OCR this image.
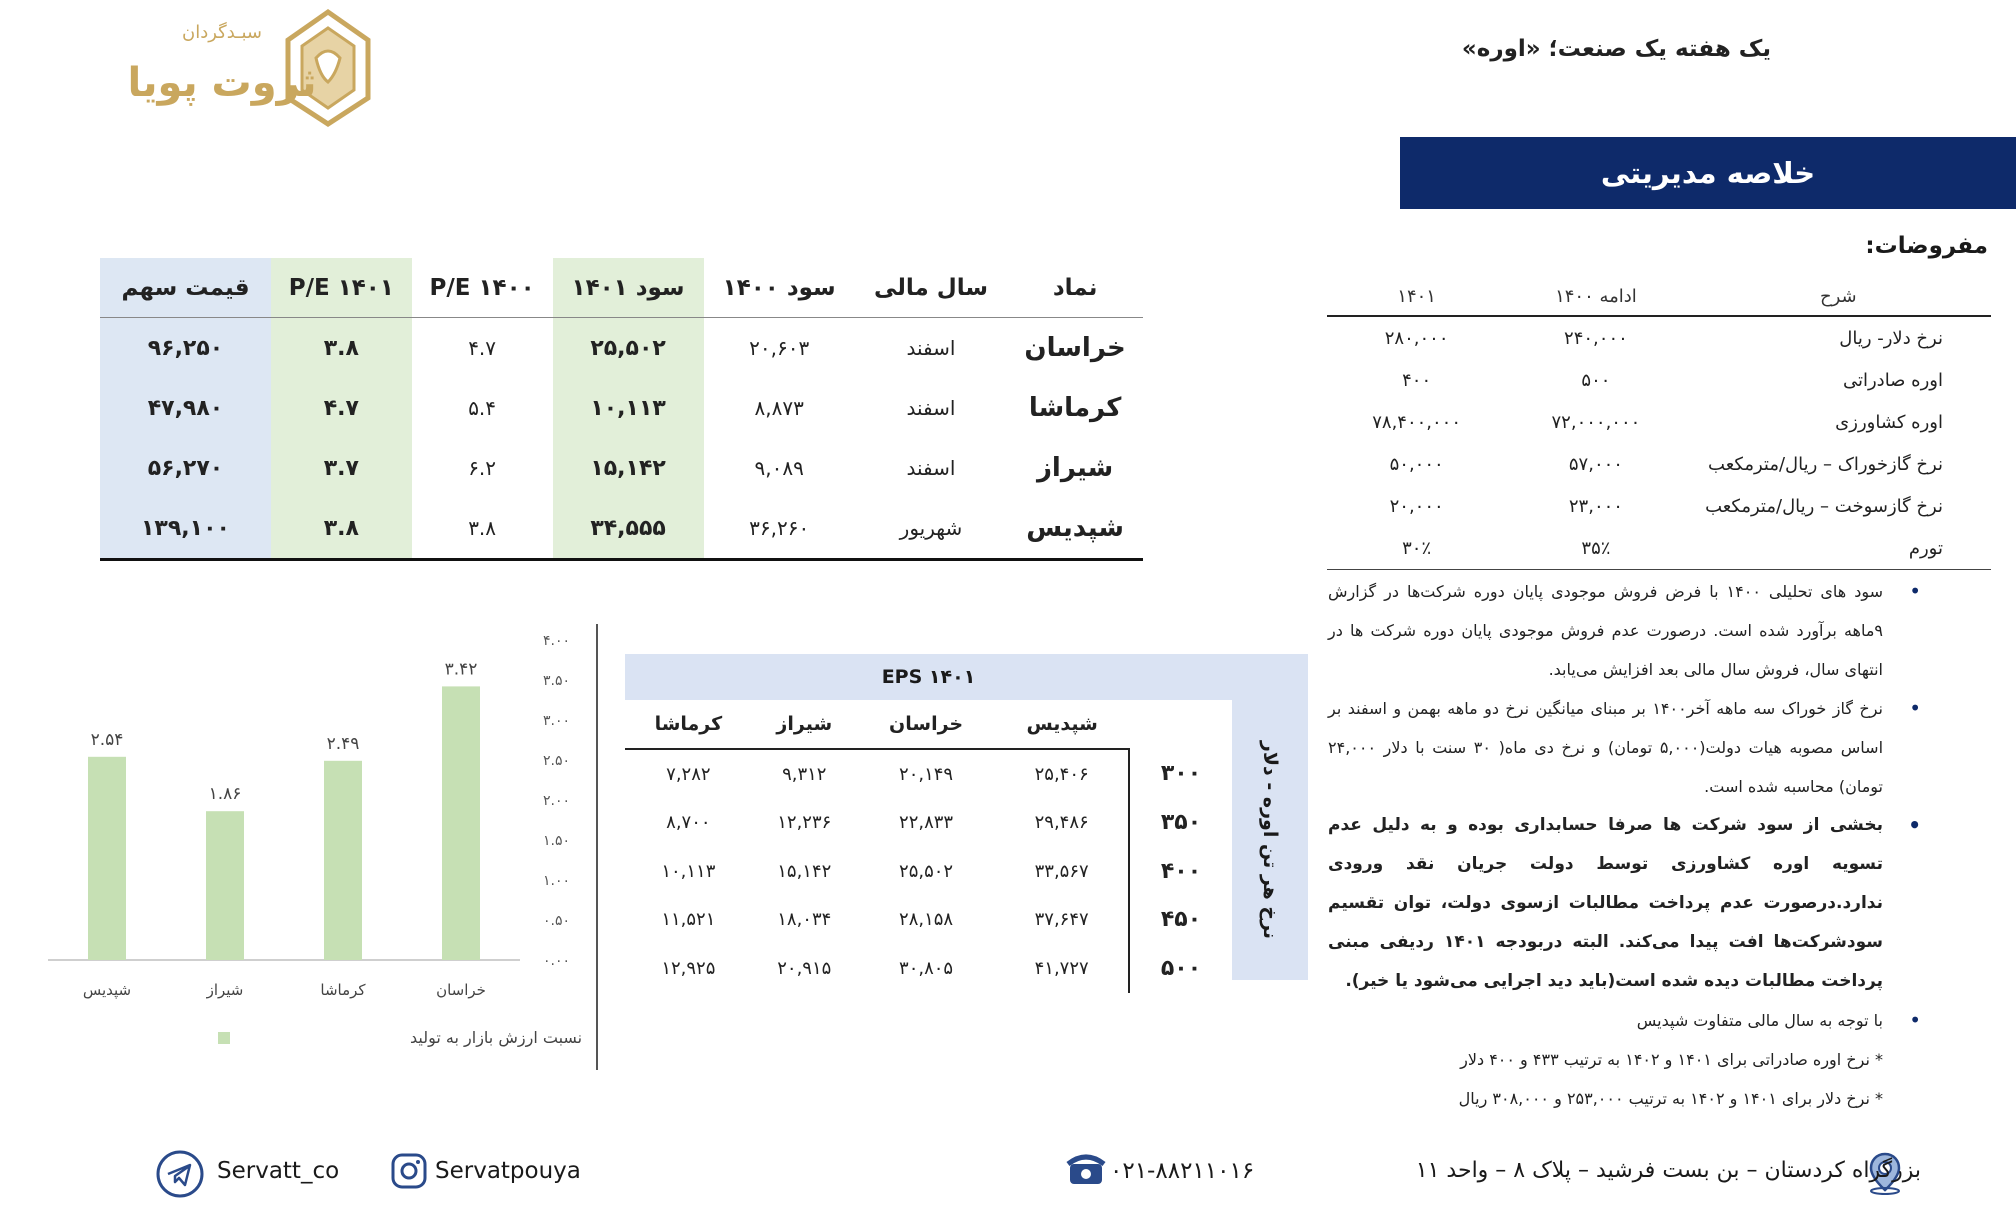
یک هفته یک صنعت؛ «اوره»
سبـدگردان
ثروت پویا
خلاصه مدیریتی
مفروضات:
شرح	ادامه ۱۴۰۰	۱۴۰۱
نرخ دلار- ریال	۲۴۰,۰۰۰	۲۸۰,۰۰۰
اوره صادراتی	۵۰۰	۴۰۰
اوره کشاورزی	۷۲,۰۰۰,۰۰۰	۷۸,۴۰۰,۰۰۰
نرخ گازخوراک – ریال/مترمکعب	۵۷,۰۰۰	۵۰,۰۰۰
نرخ گازسوخت – ریال/مترمکعب	۲۳,۰۰۰	۲۰,۰۰۰
تورم	۳۵٪	۳۰٪
• سود های تحلیلی ۱۴۰۰ با فرض فروش موجودی پایان دوره شرکت‌ها در گزارش ۹ماهه برآورد شده است. درصورت عدم فروش موجودی پایان دوره شرکت ها در انتهای سال، فروش سال مالی بعد افزایش می‌یابد.
• نرخ گاز خوراک سه ماهه آخر۱۴۰۰ بر مبنای میانگین نرخ دو ماهه بهمن و اسفند بر اساس مصوبه هیات دولت(۵,۰۰۰ تومان) و نرخ دی ماه( ۳۰ سنت با دلار ۲۴,۰۰۰ تومان) محاسبه شده است.
• بخشی از سود شرکت ها صرفا حسابداری بوده و به دلیل عدم تسویه اوره کشاورزی توسط دولت جریان نقد ورودی ندارد.درصورت عدم پرداخت مطالبات ازسوی دولت، توان تقسیم سودشرکت‌ها افت پیدا می‌کند. البته دربودجه ۱۴۰۱ ردیفی مبنی پرداخت مطالبات دیده شده است(باید دید اجرایی می‌شود یا خیر).
• با توجه به سال مالی متفاوت شپدیس
* نرخ اوره صادراتی برای ۱۴۰۱ و ۱۴۰۲ به ترتیب ۴۳۳ و ۴۰۰ دلار
* نرخ دلار برای ۱۴۰۱ و ۱۴۰۲ به ترتیب ۲۵۳,۰۰۰ و ۳۰۸,۰۰۰ ریال
نماد	سال مالی	سود ۱۴۰۰	سود ۱۴۰۱	P/E ۱۴۰۰	P/E ۱۴۰۱	قیمت سهم
خراسان	اسفند	۲۰,۶۰۳	۲۵,۵۰۲	۴.۷	۳.۸	۹۶,۲۵۰
کرماشا	اسفند	۸,۸۷۳	۱۰,۱۱۳	۵.۴	۴.۷	۴۷,۹۸۰
شیراز	اسفند	۹,۰۸۹	۱۵,۱۴۲	۶.۲	۳.۷	۵۶,۲۷۰
شپدیس	شهریور	۳۶,۲۶۰	۳۴,۵۵۵	۳.۸	۳.۸	۱۳۹,۱۰۰
EPS ۱۴۰۱
نرخ هر تن اوره - دلار
	شپدیس	خراسان	شیراز	کرماشا
۳۰۰	۲۵,۴۰۶	۲۰,۱۴۹	۹,۳۱۲	۷,۲۸۲
۳۵۰	۲۹,۴۸۶	۲۲,۸۳۳	۱۲,۲۳۶	۸,۷۰۰
۴۰۰	۳۳,۵۶۷	۲۵,۵۰۲	۱۵,۱۴۲	۱۰,۱۱۳
۴۵۰	۳۷,۶۴۷	۲۸,۱۵۸	۱۸,۰۳۴	۱۱,۵۲۱
۵۰۰	۴۱,۷۲۷	۳۰,۸۰۵	۲۰,۹۱۵	۱۲,۹۲۵
۰.۰۰
۰.۵۰
۱.۰۰
۱.۵۰
۲.۰۰
۲.۵۰
۳.۰۰
۳.۵۰
۴.۰۰
۳.۴۲
خراسان
۲.۴۹
کرماشا
۱.۸۶
شیراز
۲.۵۴
شپدیس
نسبت ارزش بازار به تولید
بزرگراه کردستان – بن بست فرشید – پلاک ۸ – واحد ۱۱
۰۲۱-۸۸۲۱۱۰۱۶
Servatpouya
Servatt_co
